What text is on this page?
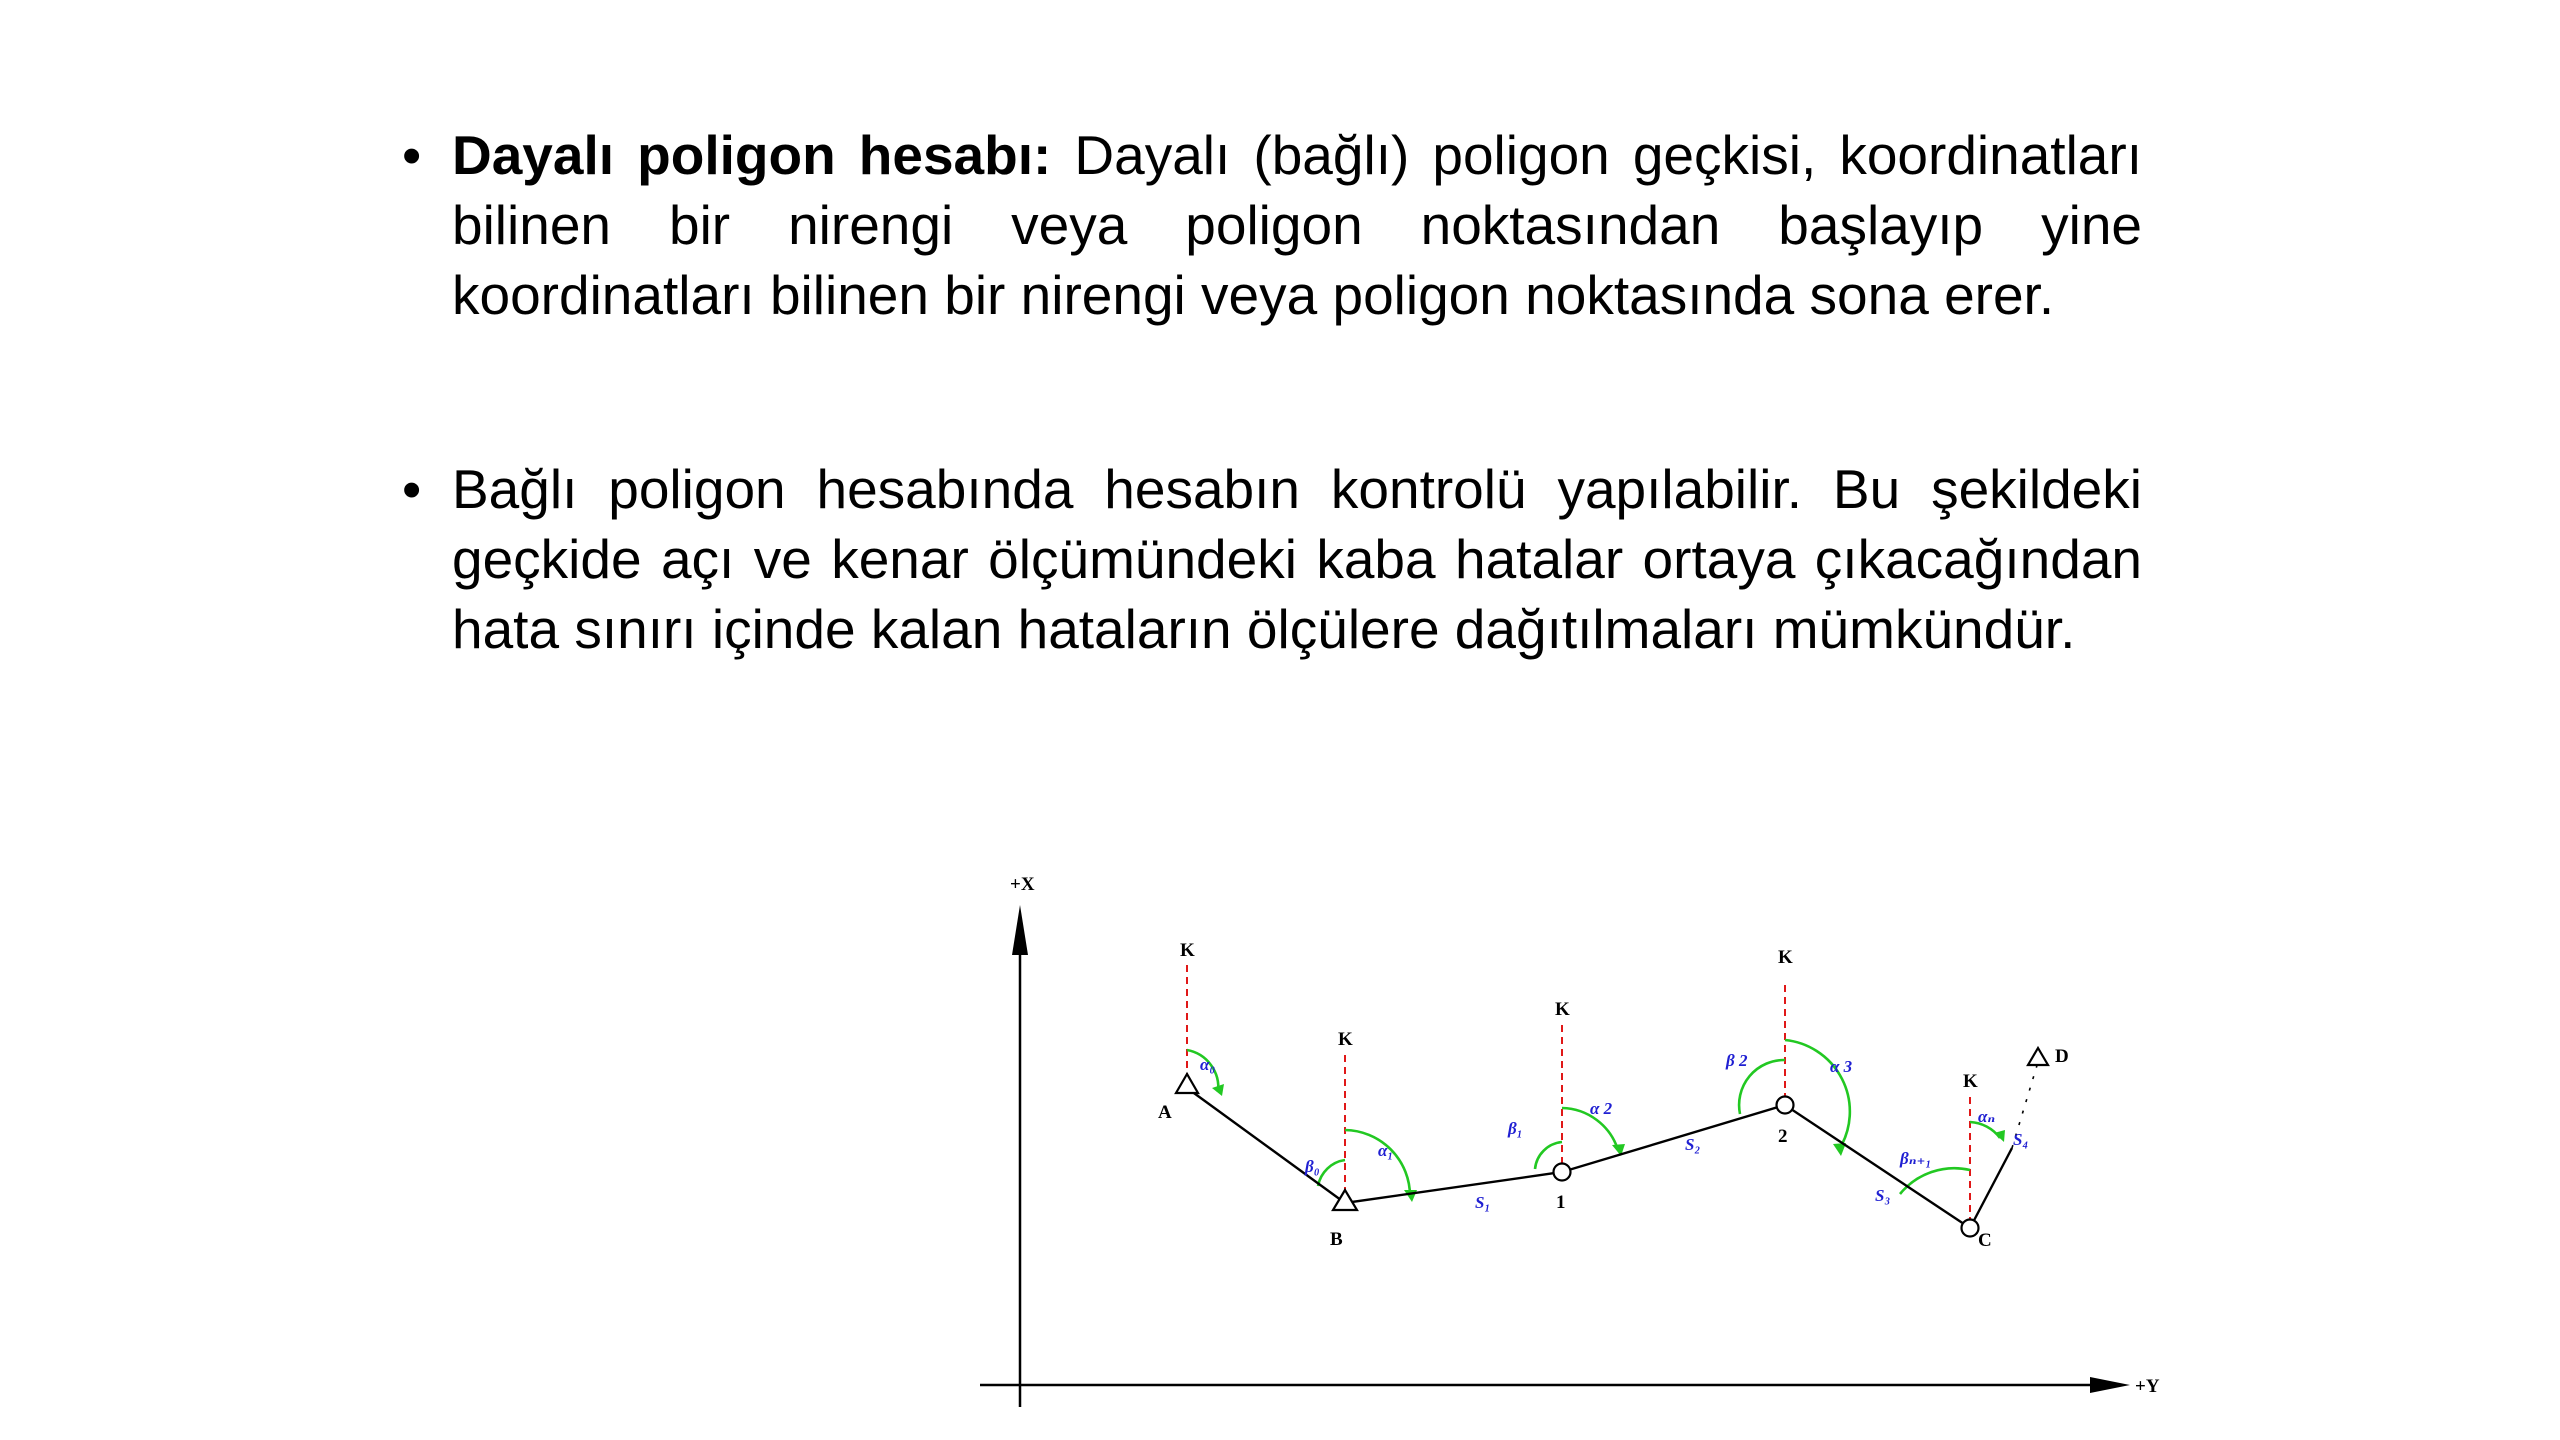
• Dayalı poligon hesabı: Dayalı (bağlı) poligon geçkisi, koordinatları bilinen bir nirengi veya poligon noktasından başlayıp yine koordinatları bilinen bir nirengi veya poligon noktasında sona erer.
• Bağlı poligon hesabında hesabın kontrolü yapılabilir. Bu şekildeki geçkide açı ve kenar ölçümündeki kaba hatalar ortaya çıkacağından hata sınırı içinde kalan hataların ölçülere dağıtılmaları mümkündür.
+X
+Y
K
K
K
K
K
A
B
1
2
C
D
α₀
β₀
α₁
β₁
α 2
β 2	α 3
βₙ₊₁
αₙ
S₁
S₂
S₃
S₄
